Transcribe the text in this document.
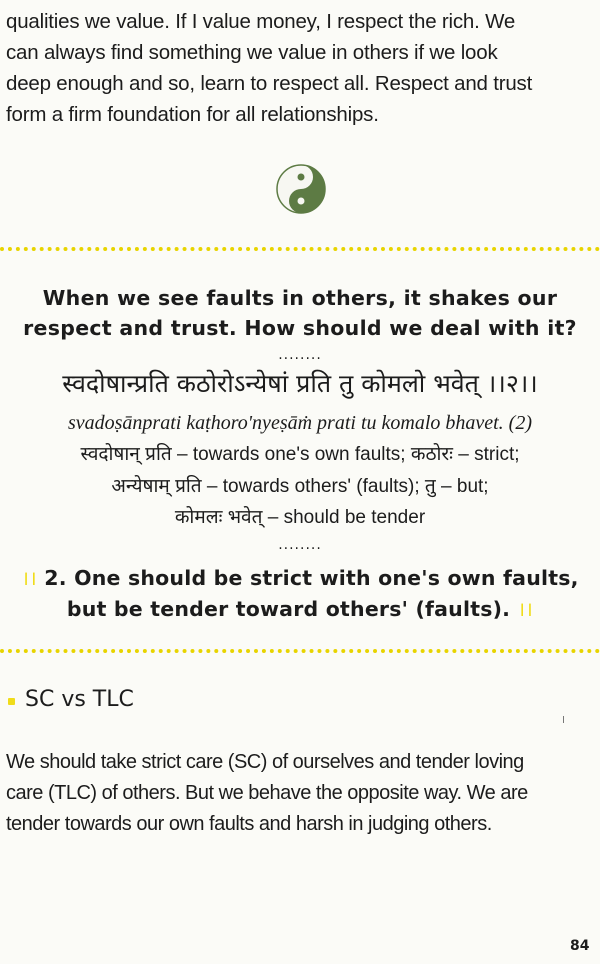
qualities we value. If I value money, I respect the rich. We
can always find something we value in others if we look
deep enough and so, learn to respect all. Respect and trust
form a firm foundation for all relationships.
When we see faults in others, it shakes our
respect and trust. How should we deal with it?
........
स्वदोषान्प्रति कठोरोऽन्येषां प्रति तु कोमलो भवेत् ।।२।।
svadoṣānprati kaṭhoro'nyeṣāṁ prati tu komalo bhavet. (2)
स्वदोषान् प्रति – towards one's own faults; कठोरः – strict;
अन्येषाम् प्रति – towards others' (faults); तु – but;
कोमलः भवेत् – should be tender
........
।। 2. One should be strict with one's own faults,
but be tender toward others' (faults). ।।
SC vs TLC
We should take strict care (SC) of ourselves and tender loving
care (TLC) of others. But we behave the opposite way. We are
tender towards our own faults and harsh in judging others.
84
